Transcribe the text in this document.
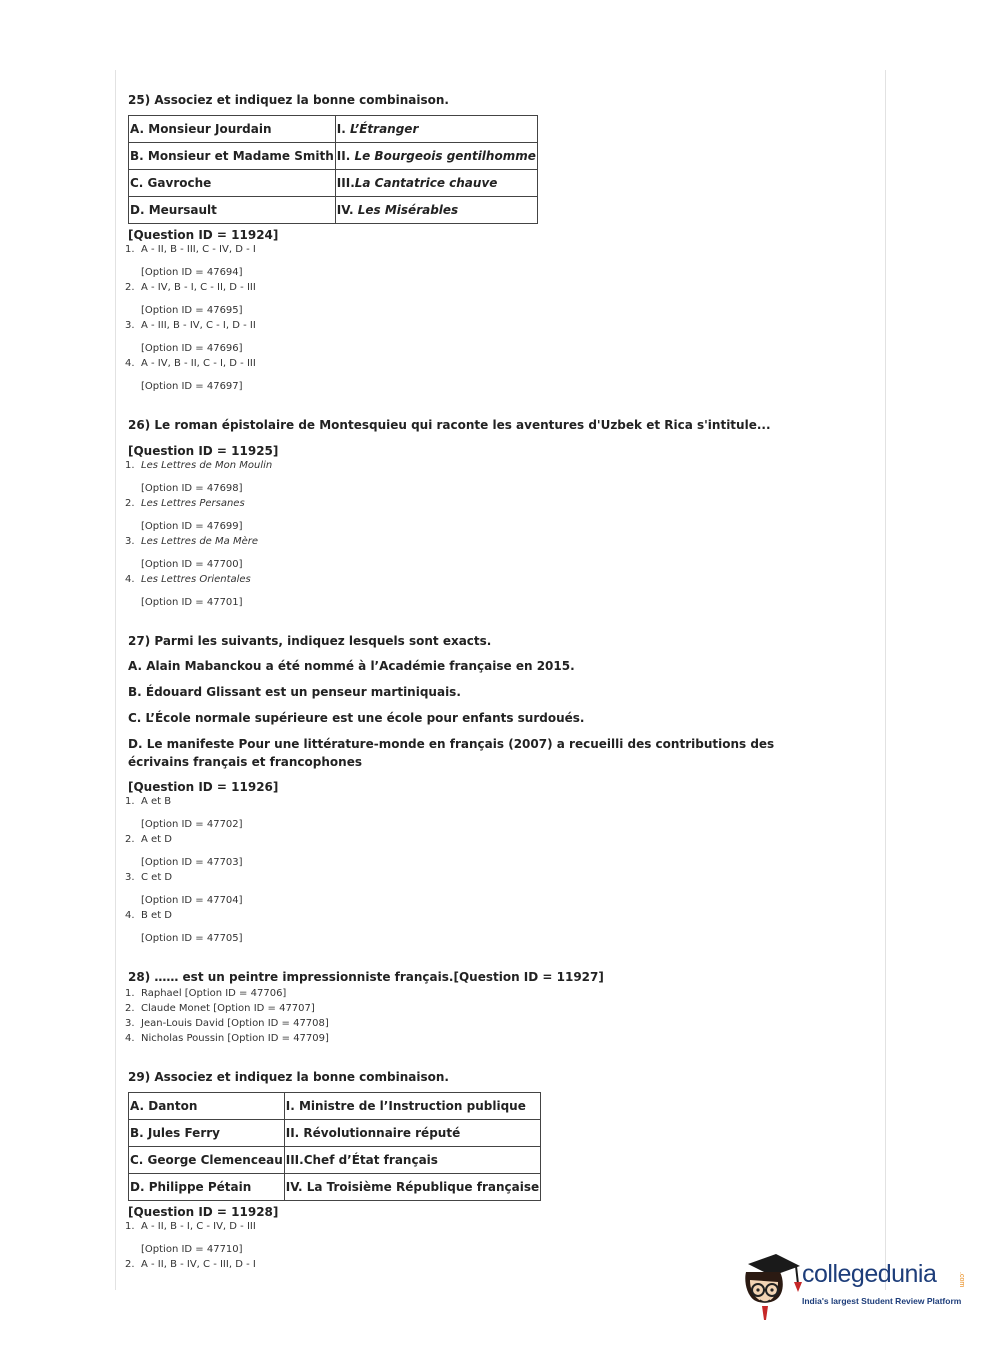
25) Associez et indiquez la bonne combinaison.
A. Monsieur Jourdain	I. L’Étranger
B. Monsieur et Madame Smith	II. Le Bourgeois gentilhomme
C. Gavroche	III.La Cantatrice chauve
D. Meursault	IV. Les Misérables
[Question ID = 11924]
1. A - II, B - III, C - IV, D - I
[Option ID = 47694]
2. A - IV, B - I, C - II, D - III
[Option ID = 47695]
3. A - III, B - IV, C - I, D - II
[Option ID = 47696]
4. A - IV, B - II, C - I, D - III
[Option ID = 47697]
26) Le roman épistolaire de Montesquieu qui raconte les aventures d'Uzbek et Rica s'intitule...
[Question ID = 11925]
1. Les Lettres de Mon Moulin
[Option ID = 47698]
2. Les Lettres Persanes
[Option ID = 47699]
3. Les Lettres de Ma Mère
[Option ID = 47700]
4. Les Lettres Orientales
[Option ID = 47701]
27) Parmi les suivants, indiquez lesquels sont exacts.
A. Alain Mabanckou a été nommé à l’Académie française en 2015.
B. Édouard Glissant est un penseur martiniquais.
C. L’École normale supérieure est une école pour enfants surdoués.
D. Le manifeste Pour une littérature-monde en français (2007) a recueilli des contributions des écrivains français et francophones
[Question ID = 11926]
1. A et B
[Option ID = 47702]
2. A et D
[Option ID = 47703]
3. C et D
[Option ID = 47704]
4. B et D
[Option ID = 47705]
28) …… est un peintre impressionniste français.[Question ID = 11927]
1. Raphael [Option ID = 47706]
2. Claude Monet [Option ID = 47707]
3. Jean-Louis David [Option ID = 47708]
4. Nicholas Poussin [Option ID = 47709]
29) Associez et indiquez la bonne combinaison.
A. Danton	I. Ministre de l’Instruction publique
B. Jules Ferry	II. Révolutionnaire réputé
C. George Clemenceau	III.Chef d’État français
D. Philippe Pétain	IV. La Troisième République française
[Question ID = 11928]
1. A - II, B - I, C - IV, D - III
[Option ID = 47710]
2. A - II, B - IV, C - III, D - I	collegedunia	.com
India's largest Student Review Platform
